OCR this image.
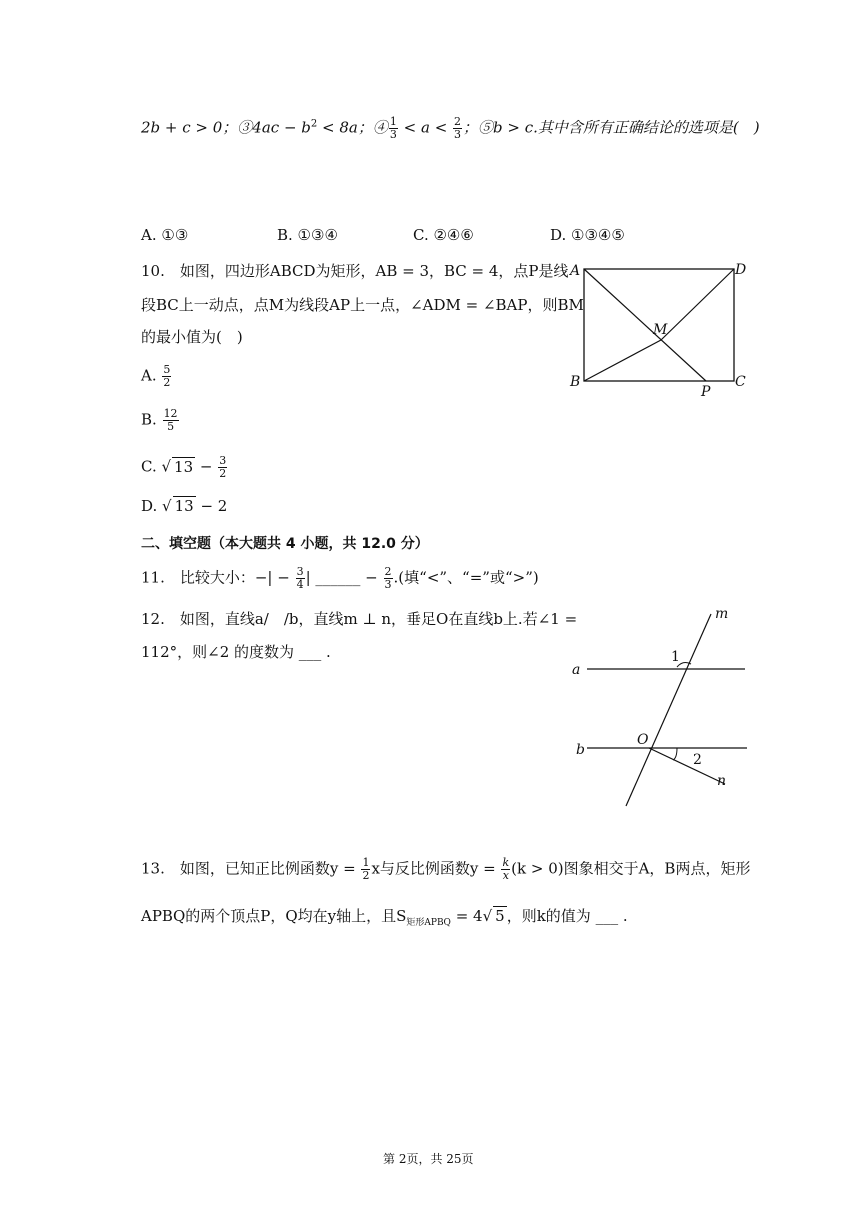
2b + c > 0；③4ac − $b^2 < 8a$；④ $\frac{1}{3} < a < \frac{2}{3}$ ；⑤b > c.其中含所有正确结论的选项是(　)
A. ①③	B. ①③④	C. ②④⑥	D. ①③④⑤
10.　如图，四边形ABCD为矩形，AB = 3，BC = 4，点P是线
段BC上一动点，点M为线段AP上一点，∠ADM = ∠BAP，则BM
的最小值为(　)
A. $\frac{5}{2}$
B. $\frac{12}{5}$
C. √ $13 - \frac{3}{2}$
D. √ 13 − 2
A	D
B	C
M
P
二、填空题（本大题共 4 小题，共 12.0 分）
11.　比较大小：−| − $\frac{3}{4}$ | ______ − $\frac{2}{3}$ .(填“<”、“=”或“>”)
12.　如图，直线a/　/b，直线m ⊥ n，垂足O在直线b上.若∠1 =
112°，则∠2 的度数为 ___ .
m
a
b
O
n
1
2
13.　如图，已知正比例函数$y = \frac{1}{2}$ x与反比例函数$y = \frac{k}{x} (k > 0)$图象相交于A，B两点，矩形
APBQ的两个顶点P，Q均在y轴上，且$S_{矩形APBQ} = 4√$ 5 ，则k的值为 ___ .
第 2页，共 25页
